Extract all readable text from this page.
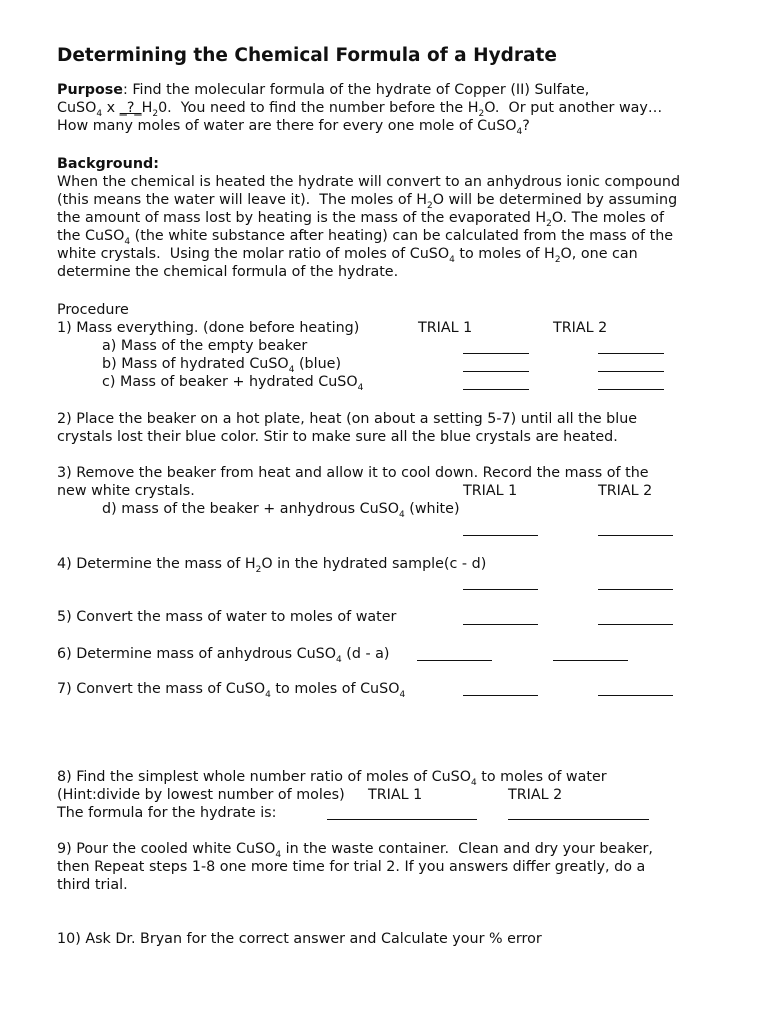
Determining the Chemical Formula of a Hydrate
Purpose: Find the molecular formula of the hydrate of Copper (II) Sulfate,
CuSO$_4$ x $\_?\_H_20$.  You need to find the number before the $H_2O$.  Or put another way…
How many moles of water are there for every one mole of CuSO$_4$?
Background:
When the chemical is heated the hydrate will convert to an anhydrous ionic compound
(this means the water will leave it).  The moles of $H_2O$ will be determined by assuming
the amount of mass lost by heating is the mass of the evaporated $H_2O$. The moles of
the CuSO$_4$ (the white substance after heating) can be calculated from the mass of the
white crystals.  Using the molar ratio of moles of CuSO$_4$ to moles of $H_2O$, one can
determine the chemical formula of the hydrate.
Procedure
1) Mass everything. (done before heating)	TRIAL 1	TRIAL 2
a) Mass of the empty beaker
b) Mass of hydrated CuSO$_4$ (blue)
c) Mass of beaker + hydrated CuSO$_4$
2) Place the beaker on a hot plate, heat (on about a setting 5-7) until all the blue
crystals lost their blue color. Stir to make sure all the blue crystals are heated.
3) Remove the beaker from heat and allow it to cool down. Record the mass of the
new white crystals.	TRIAL 1	TRIAL 2
d) mass of the beaker + anhydrous CuSO$_4$ (white)
4) Determine the mass of $H_2O$ in the hydrated sample(c - d)
5) Convert the mass of water to moles of water
6) Determine mass of anhydrous CuSO$_4$ (d - a)
7) Convert the mass of CuSO$_4$ to moles of CuSO$_4$
8) Find the simplest whole number ratio of moles of CuSO$_4$ to moles of water
(Hint:divide by lowest number of moles) TRIAL 1	TRIAL 2
The formula for the hydrate is:
9) Pour the cooled white CuSO$_4$ in the waste container.  Clean and dry your beaker,
then Repeat steps 1-8 one more time for trial 2. If you answers differ greatly, do a
third trial.
10) Ask Dr. Bryan for the correct answer and Calculate your % error
